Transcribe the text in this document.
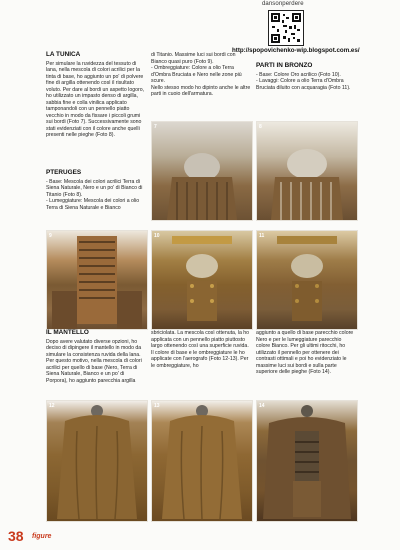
dansonperdere
http://spopovichenko-wip.blogspot.com.es/
LA TUNICA

Per simulare la ruvidezza del tessuto di lana, nella mescola di colori acrilici per la tinta di base, ho aggiunto un po' di polvere fine di argilla ottenendo così il risultato voluto. Per dare al bordi un aspetto logoro, ho utilizzato un impasto denso di argilla, sabbia fine e colla vinilica applicato tamponandoli con un pennello piatto vecchio in modo da fissare i piccoli grumi sui bordi (Foto 7). Successivamente sono stati evidenziati con il colore anche quelli presenti nelle pieghe (Foto 8).

di Titanio. Massime luci sui bordi con Bianco quasi puro (Foto 9).
- Ombreggiature: Colore a olio Terra d'Ombra Bruciata e Nero nelle zone più scure.
Nello stesso modo ho dipinto anche le altre parti in cuoio dell'armatura.

PARTI IN BRONZO

- Base: Colore Oro acrilico (Foto 10).
- Lavaggi: Colore a olio Terra d'Ombra Bruciata diluito con acquaragia (Foto 11).

PTERUGES

- Base: Mescola dei colori acrilici Terra di Siena Naturale, Nero e un po' di Bianco di Titanio (Foto 8).
- Lumeggiature: Mescola dei colori a olio Terra di Siena Naturale e Bianco

7	8
9	10	11
IL MANTELLO

Dopo avere valutato diverse opzioni, ho deciso di dipingere il mantello in modo da simulare la consistenza ruvida della lana. Per questo motivo, nella mescola di colori acrilici per quello di base (Nero, Terra di Siena Naturale, Bianco e un po' di Porpora), ho aggiunto parecchia argilla

sbriciolata. La mescola così ottenuta, la ho applicata con un pennello piatto piuttosto largo ottenendo così una superficie ruvida.
Il colore di base e le ombreggiature le ho applicate con l'aerografo (Foto 12-13). Per le ombreggiature, ho

aggiunto a quello di base parecchio colore Nero e per le lumeggiature parecchio colore Bianco. Per gli ultimi ritocchi, ho utilizzato il pennello per ottenere dei contrasti ottimali e poi ho evidenziato le massime luci sui bordi e sulla parte superiore delle pieghe (Foto 14).

12	13	14
38 figure
